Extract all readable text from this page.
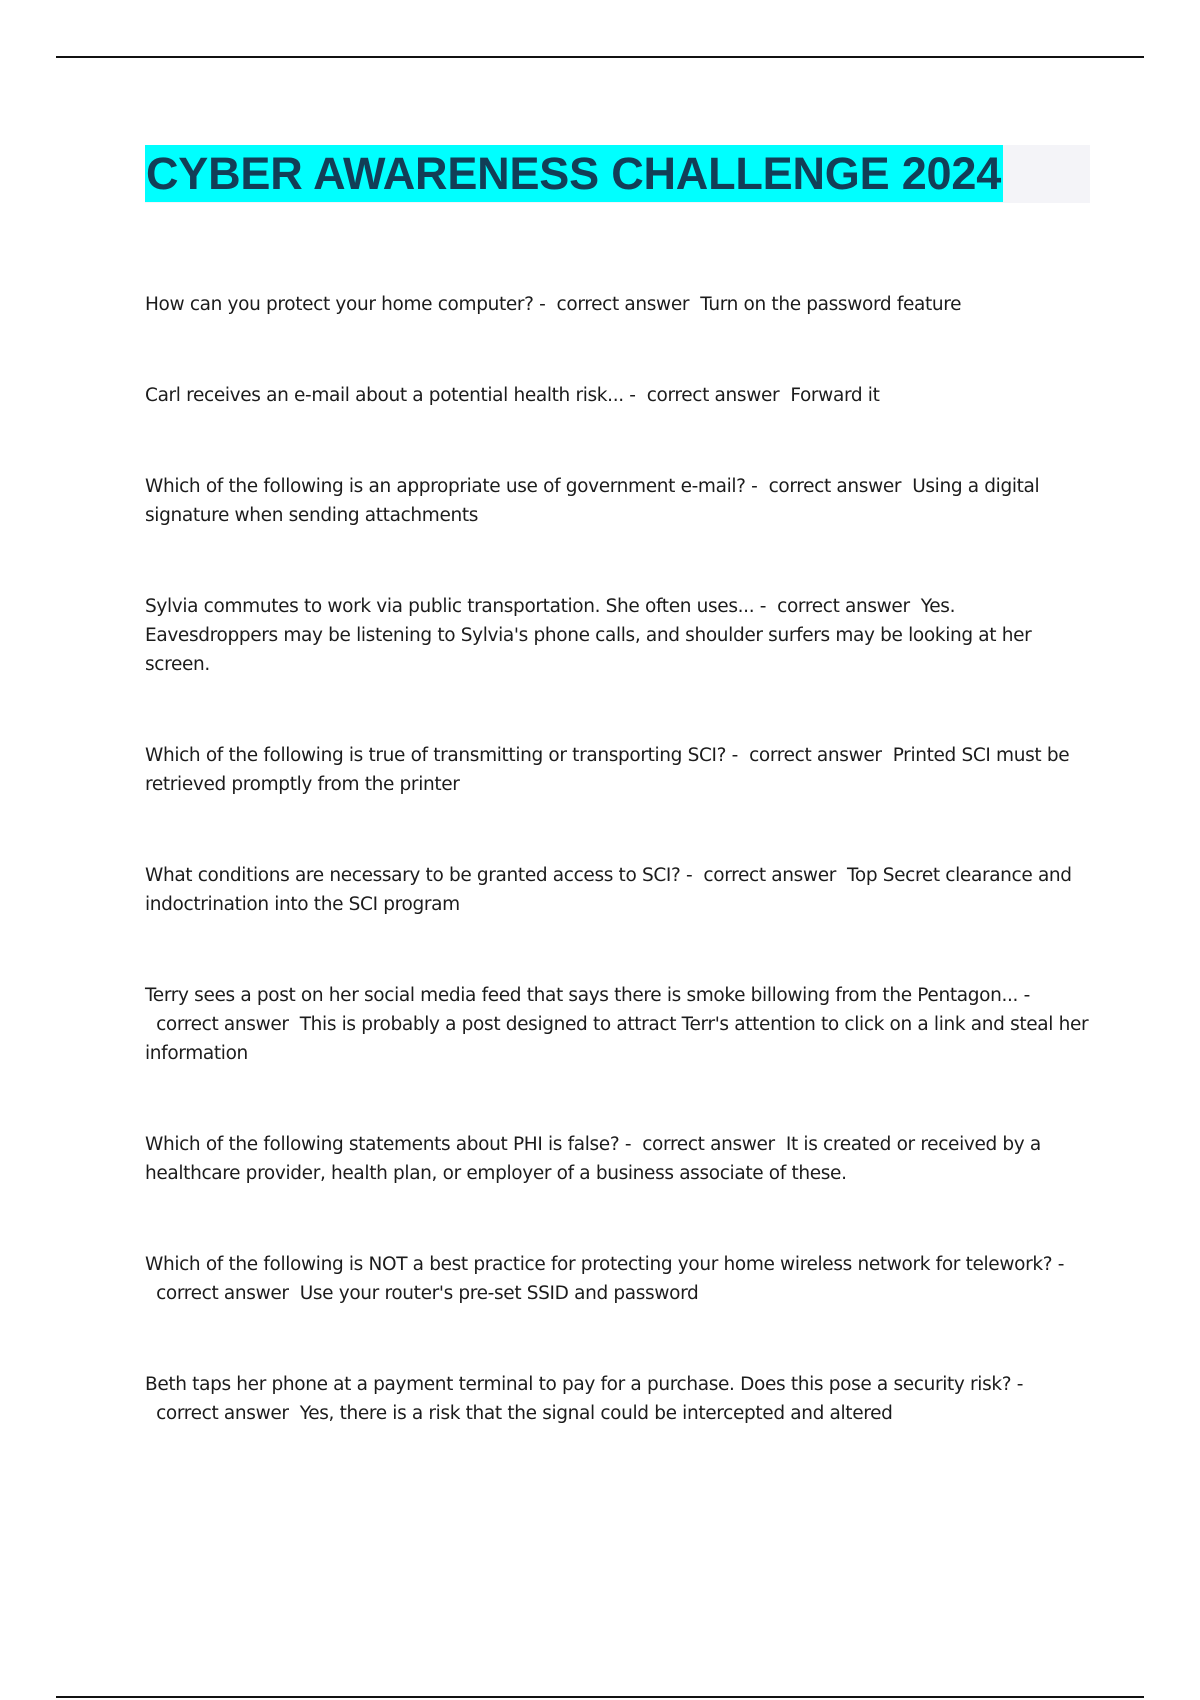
CYBER AWARENESS CHALLENGE 2024

How can you protect your home computer? - correct answer Turn on the password feature

Carl receives an e-mail about a potential health risk... - correct answer Forward it

Which of the following is an appropriate use of government e-mail? - correct answer Using a digital signature when sending attachments

Sylvia commutes to work via public transportation. She often uses... - correct answer Yes. Eavesdroppers may be listening to Sylvia's phone calls, and shoulder surfers may be looking at her screen.

Which of the following is true of transmitting or transporting SCI? - correct answer Printed SCI must be retrieved promptly from the printer

What conditions are necessary to be granted access to SCI? - correct answer Top Secret clearance and indoctrination into the SCI program

Terry sees a post on her social media feed that says there is smoke billowing from the Pentagon... -  correct answer This is probably a post designed to attract Terr's attention to click on a link and steal her information

Which of the following statements about PHI is false? - correct answer It is created or received by a healthcare provider, health plan, or employer of a business associate of these.

Which of the following is NOT a best practice for protecting your home wireless network for telework? -  correct answer Use your router's pre-set SSID and password

Beth taps her phone at a payment terminal to pay for a purchase. Does this pose a security risk? -  correct answer Yes, there is a risk that the signal could be intercepted and altered
